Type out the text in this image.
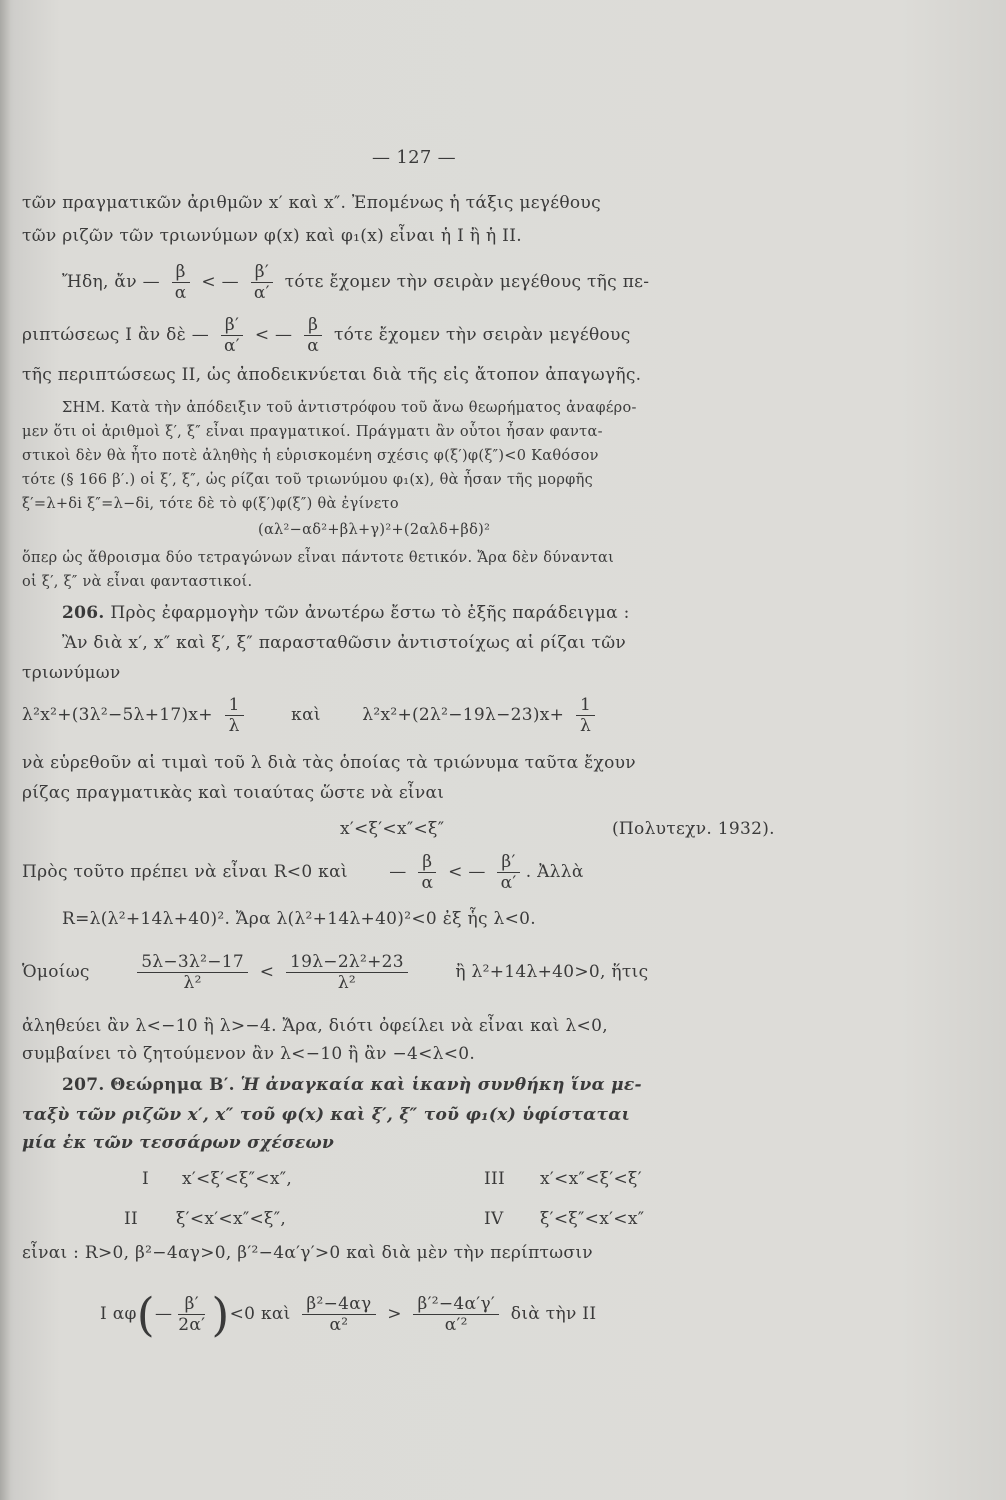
— 127 —
τῶν πραγματικῶν ἀριθμῶν x′ καὶ x″. Ἐπομένως ἡ τάξις μεγέθους
τῶν ριζῶν τῶν τριωνύμων φ(x) καὶ φ₁(x) εἶναι ἡ I ἢ ἡ II.
Ἤδη, ἄν — $\frac{\beta}{\alpha}$ < — $\frac{\beta'}{\alpha'}$ τότε ἔχομεν τὴν σειρὰν μεγέθους τῆς πε-
ριπτώσεως I ἂν δὲ — $\frac{\beta'}{\alpha'}$ < — $\frac{\beta}{\alpha}$ τότε ἔχομεν τὴν σειρὰν μεγέθους
τῆς περιπτώσεως II, ὡς ἀποδεικνύεται διὰ τῆς εἰς ἄτοπον ἀπαγωγῆς.
ΣΗΜ. Κατὰ τὴν ἀπόδειξιν τοῦ ἀντιστρόφου τοῦ ἄνω θεωρήματος ἀναφέρο-
μεν ὅτι οἱ ἀριθμοὶ ξ′, ξ″ εἶναι πραγματικοί. Πράγματι ἂν οὗτοι ἦσαν φαντα-
στικοὶ δὲν θὰ ἦτο ποτὲ ἀληθὴς ἡ εὑρισκομένη σχέσις φ(ξ′)φ(ξ″)<0 Καθόσον
τότε (§ 166 β′.) οἱ ξ′, ξ″, ὡς ρίζαι τοῦ τριωνύμου φ₁(x), θὰ ἦσαν τῆς μορφῆς
ξ′=λ+δi ξ″=λ−δi, τότε δὲ τὸ φ(ξ′)φ(ξ″) θὰ ἐγίνετο
(αλ²−αδ²+βλ+γ)²+(2αλδ+βδ)²
ὅπερ ὡς ἄθροισμα δύο τετραγώνων εἶναι πάντοτε θετικόν. Ἄρα δὲν δύνανται
οἱ ξ′, ξ″ νὰ εἶναι φανταστικοί.
206. Πρὸς ἐφαρμογὴν τῶν ἀνωτέρω ἔστω τὸ ἑξῆς παράδειγμα :
Ἂν διὰ x′, x″ καὶ ξ′, ξ″ παρασταθῶσιν ἀντιστοίχως αἱ ρίζαι τῶν
τριωνύμων
$\lambda^2x^2+(3\lambda^2-5\lambda+17)x+ \frac{1}{\lambda}$	καὶ $\lambda^2x^2+(2\lambda^2-19\lambda-23)x+ \frac{1}{\lambda}$
νὰ εὑρεθοῦν αἱ τιμαὶ τοῦ λ διὰ τὰς ὁποίας τὰ τριώνυμα ταῦτα ἔχουν
ρίζας πραγματικὰς καὶ τοιαύτας ὥστε νὰ εἶναι
x′<ξ′<x″<ξ″	(Πολυτεχν. 1932).
Πρὸς τοῦτο πρέπει νὰ εἶναι R<0 καὶ  — $\frac{\beta}{\alpha}$ < — $\frac{\beta'}{\alpha'}$ . Ἀλλὰ
R=λ(λ²+14λ+40)². Ἄρα λ(λ²+14λ+40)²<0 ἐξ ἧς λ<0.
Ὁμοίως	$\frac{\text{5λ−3λ²−17}}{\text{λ²}} < \frac{\text{19λ−2λ²+23}}{\text{λ²}}$	ἢ λ²+14λ+40>0, ἥτις
ἀληθεύει ἂν λ<−10 ἢ λ>−4. Ἄρα, διότι ὀφείλει νὰ εἶναι καὶ λ<0,
συμβαίνει τὸ ζητούμενον ἂν λ<−10 ἢ ἂν −4<λ<0.
207. Θεώρημα Β′. Ἡ ἀναγκαία καὶ ἱκανὴ συνθήκη ἵνα με-
ταξὺ τῶν ριζῶν x′, x″ τοῦ φ(x) καὶ ξ′, ξ″ τοῦ φ₁(x) ὑφίσταται
μία ἐκ τῶν τεσσάρων σχέσεων
I x′<ξ′<ξ″<x″,	III x′<x″<ξ′<ξ′
II ξ′<x′<x″<ξ″,	IV ξ′<ξ″<x′<x″
εἶναι : R>0, β²−4αγ>0, β′²−4α′γ′>0 καὶ διὰ μὲν τὴν περίπτωσιν
I αφ(— $\frac{\beta'}{2\alpha'} )<0$ καὶ $\frac{\text{β²−4αγ}}{\text{α²}} > \frac{\text{β′²−4α′γ′}}{\text{α′²}}$ διὰ τὴν II
